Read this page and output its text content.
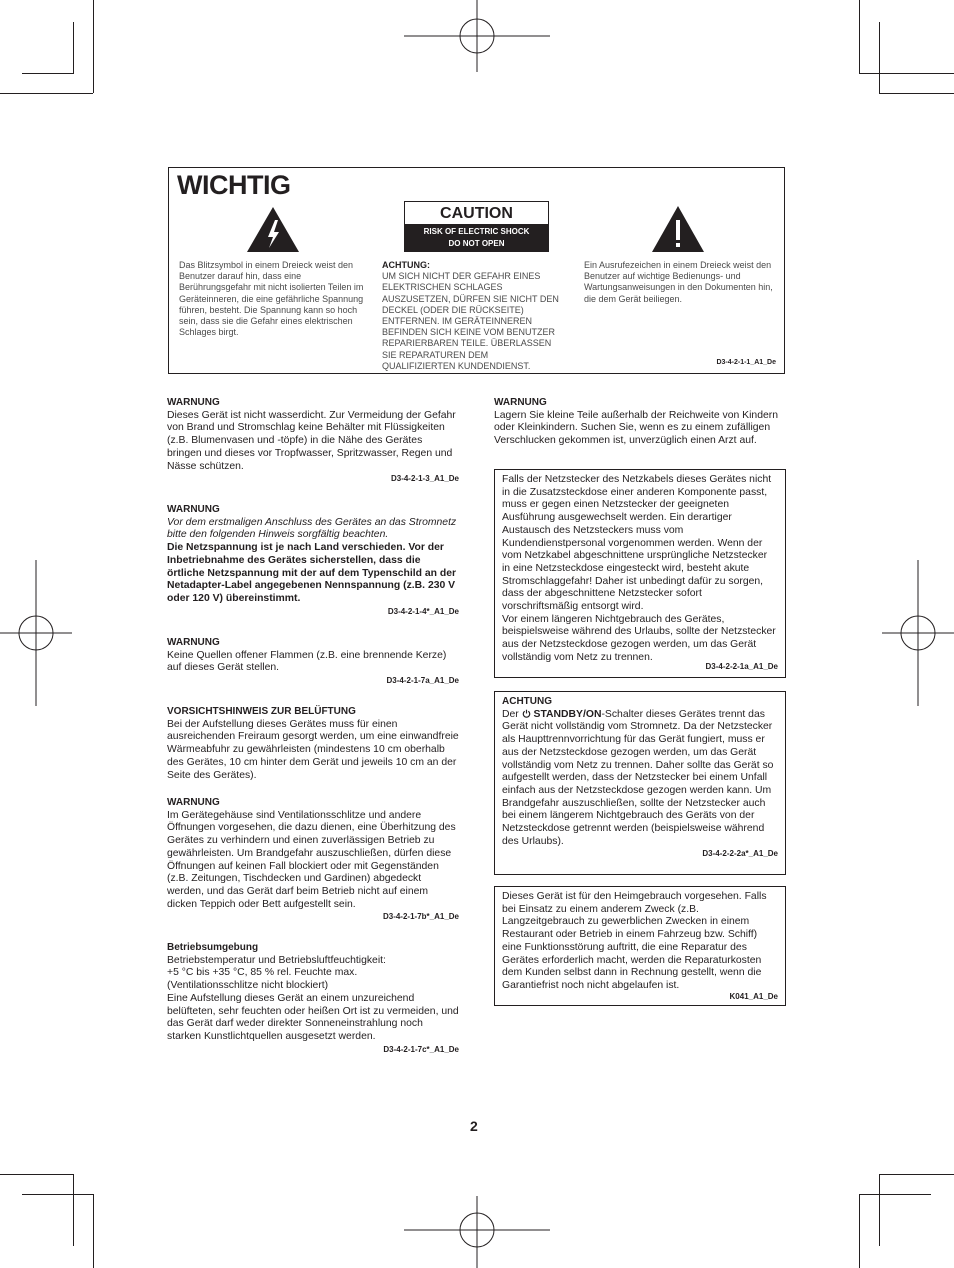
WICHTIG
CAUTION
RISK OF ELECTRIC SHOCK
DO NOT OPEN
Das Blitzsymbol in einem Dreieck weist den Benutzer darauf hin, dass eine Berührungsgefahr mit nicht isolierten Teilen im Geräteinneren, die eine gefährliche Spannung führen, besteht. Die Spannung kann so hoch sein, dass sie die Gefahr eines elektrischen Schlages birgt.
ACHTUNG:
UM SICH NICHT DER GEFAHR EINES ELEKTRISCHEN SCHLAGES AUSZUSETZEN, DÜRFEN SIE NICHT DEN DECKEL (ODER DIE RÜCKSEITE) ENTFERNEN. IM GERÄTEINNEREN BEFINDEN SICH KEINE VOM BENUTZER REPARIERBAREN TEILE. ÜBERLASSEN SIE REPARATUREN DEM QUALIFIZIERTEN KUNDENDIENST.
Ein Ausrufezeichen in einem Dreieck weist den Benutzer auf wichtige Bedienungs- und Wartungsanweisungen in den Dokumenten hin, die dem Gerät beiliegen.
D3-4-2-1-1_A1_De
WARNUNG
Dieses Gerät ist nicht wasserdicht. Zur Vermeidung der Gefahr von Brand und Stromschlag keine Behälter mit Flüssigkeiten (z.B. Blumenvasen und -töpfe) in die Nähe des Gerätes bringen und dieses vor Tropfwasser, Spritzwasser, Regen und Nässe schützen.
D3-4-2-1-3_A1_De
WARNUNG
Vor dem erstmaligen Anschluss des Gerätes an das Stromnetz bitte den folgenden Hinweis sorgfältig beachten.
Die Netzspannung ist je nach Land verschieden. Vor der Inbetriebnahme des Gerätes sicherstellen, dass die örtliche Netzspannung mit der auf dem Typenschild an der Netadapter-Label angegebenen Nennspannung (z.B. 230 V oder 120 V) übereinstimmt.
D3-4-2-1-4*_A1_De
WARNUNG
Keine Quellen offener Flammen (z.B. eine brennende Kerze) auf dieses Gerät stellen.
D3-4-2-1-7a_A1_De
VORSICHTSHINWEIS ZUR BELÜFTUNG
Bei der Aufstellung dieses Gerätes muss für einen ausreichenden Freiraum gesorgt werden, um eine einwandfreie Wärmeabfuhr zu gewährleisten (mindestens 10 cm oberhalb des Gerätes, 10 cm hinter dem Gerät und jeweils 10 cm an der Seite des Gerätes).
WARNUNG
Im Gerätegehäuse sind Ventilationsschlitze und andere Öffnungen vorgesehen, die dazu dienen, eine Überhitzung des Gerätes zu verhindern und einen zuverlässigen Betrieb zu gewährleisten. Um Brandgefahr auszuschließen, dürfen diese Öffnungen auf keinen Fall blockiert oder mit Gegenständen (z.B. Zeitungen, Tischdecken und Gardinen) abgedeckt werden, und das Gerät darf beim Betrieb nicht auf einem dicken Teppich oder Bett aufgestellt sein.
D3-4-2-1-7b*_A1_De
Betriebsumgebung
Betriebstemperatur und Betriebsluftfeuchtigkeit:
+5 °C bis +35 °C, 85 % rel. Feuchte max.
(Ventilationsschlitze nicht blockiert)
Eine Aufstellung dieses Gerät an einem unzureichend belüfteten, sehr feuchten oder heißen Ort ist zu vermeiden, und das Gerät darf weder direkter Sonneneinstrahlung noch starken Kunstlichtquellen ausgesetzt werden.
D3-4-2-1-7c*_A1_De
WARNUNG
Lagern Sie kleine Teile außerhalb der Reichweite von Kindern oder Kleinkindern. Suchen Sie, wenn es zu einem zufälligen Verschlucken gekommen ist, unverzüglich einen Arzt auf.
Falls der Netzstecker des Netzkabels dieses Gerätes nicht in die Zusatzsteckdose einer anderen Komponente passt, muss er gegen einen Netzstecker der geeigneten Ausführung ausgewechselt werden. Ein derartiger Austausch des Netzsteckers muss vom Kundendienstpersonal vorgenommen werden. Wenn der vom Netzkabel abgeschnittene ursprüngliche Netzstecker in eine Netzsteckdose eingesteckt wird, besteht akute Stromschlaggefahr! Daher ist unbedingt dafür zu sorgen, dass der abgeschnittene Netzstecker sofort vorschriftsmäßig entsorgt wird.
Vor einem längeren Nichtgebrauch des Gerätes, beispielsweise während des Urlaubs, sollte der Netzstecker aus der Netzsteckdose gezogen werden, um das Gerät vollständig vom Netz zu trennen.
D3-4-2-2-1a_A1_De
ACHTUNG
Der  STANDBY/ON-Schalter dieses Gerätes trennt das Gerät nicht vollständig vom Stromnetz. Da der Netzstecker als Haupttrennvorrichtung für das Gerät fungiert, muss er aus der Netzsteckdose gezogen werden, um das Gerät vollständig vom Netz zu trennen. Daher sollte das Gerät so aufgestellt werden, dass der Netzstecker bei einem Unfall einfach aus der Netzsteckdose gezogen werden kann. Um Brandgefahr auszuschließen, sollte der Netzstecker auch bei einem längerem Nichtgebrauch des Geräts von der Netzsteckdose getrennt werden (beispielsweise während des Urlaubs).
D3-4-2-2-2a*_A1_De
Dieses Gerät ist für den Heimgebrauch vorgesehen. Falls bei Einsatz zu einem anderem Zweck (z.B. Langzeitgebrauch zu gewerblichen Zwecken in einem Restaurant oder Betrieb in einem Fahrzeug bzw. Schiff) eine Funktionsstörung auftritt, die eine Reparatur des Gerätes erforderlich macht, werden die Reparaturkosten dem Kunden selbst dann in Rechnung gestellt, wenn die Garantiefrist noch nicht abgelaufen ist.
K041_A1_De
2
